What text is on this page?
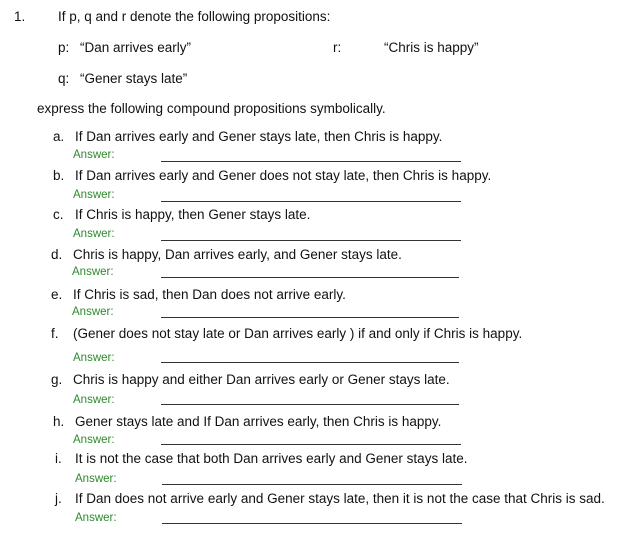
1. If p, q and r denote the following propositions:
p: “Dan arrives early”	r:	“Chris is happy”
q: “Gener stays late”
express the following compound propositions symbolically.
a. If Dan arrives early and Gener stays late, then Chris is happy.
Answer:
b. If Dan arrives early and Gener does not stay late, then Chris is happy.
Answer:
c. If Chris is happy, then Gener stays late.
Answer:
d. Chris is happy, Dan arrives early, and Gener stays late.
Answer:
e. If Chris is sad, then Dan does not arrive early.
Answer:
f. (Gener does not stay late or Dan arrives early ) if and only if Chris is happy.
Answer:
g. Chris is happy and either Dan arrives early or Gener stays late.
Answer:
h. Gener stays late and If Dan arrives early, then Chris is happy.
Answer:
i. It is not the case that both Dan arrives early and Gener stays late.
Answer:
j. If Dan does not arrive early and Gener stays late, then it is not the case that Chris is sad.
Answer:
